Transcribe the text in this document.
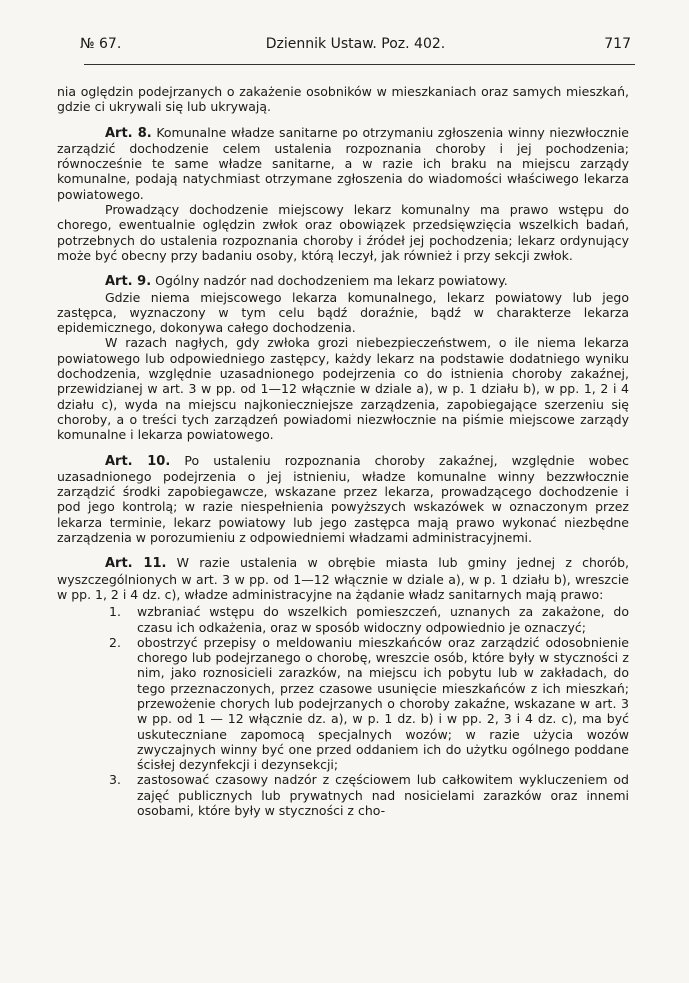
№ 67.	Dziennik Ustaw. Poz. 402.	717

nia oględzin podejrzanych o zakażenie osobników w mieszkaniach oraz samych mieszkań, gdzie ci ukrywali się lub ukrywają.

Art. 8. Komunalne władze sanitarne po otrzymaniu zgłoszenia winny niezwłocznie zarządzić dochodzenie celem ustalenia rozpoznania choroby i jej pochodzenia; równocześnie te same władze sanitarne, a w razie ich braku na miejscu zarządy komunalne, podają natychmiast otrzymane zgłoszenia do wiadomości właściwego lekarza powiatowego.

Prowadzący dochodzenie miejscowy lekarz komunalny ma prawo wstępu do chorego, ewentualnie oględzin zwłok oraz obowiązek przedsięwzięcia wszelkich badań, potrzebnych do ustalenia rozpoznania choroby i źródeł jej pochodzenia; lekarz ordynujący może być obecny przy badaniu osoby, którą leczył, jak również i przy sekcji zwłok.

Art. 9. Ogólny nadzór nad dochodzeniem ma lekarz powiatowy.

Gdzie niema miejscowego lekarza komunalnego, lekarz powiatowy lub jego zastępca, wyznaczony w tym celu bądź doraźnie, bądź w charakterze lekarza epidemicznego, dokonywa całego dochodzenia.

W razach nagłych, gdy zwłoka grozi niebezpieczeństwem, o ile niema lekarza powiatowego lub odpowiedniego zastępcy, każdy lekarz na podstawie dodatniego wyniku dochodzenia, względnie uzasadnionego podejrzenia co do istnienia choroby zakaźnej, przewidzianej w art. 3 w pp. od 1—12 włącznie w dziale a), w p. 1 działu b), w pp. 1, 2 i 4 działu c), wyda na miejscu najkonieczniejsze zarządzenia, zapobiegające szerzeniu się choroby, a o treści tych zarządzeń powiadomi niezwłocznie na piśmie miejscowe zarządy komunalne i lekarza powiatowego.

Art. 10. Po ustaleniu rozpoznania choroby zakaźnej, względnie wobec uzasadnionego podejrzenia o jej istnieniu, władze komunalne winny bezzwłocznie zarządzić środki zapobiegawcze, wskazane przez lekarza, prowadzącego dochodzenie i pod jego kontrolą; w razie niespełnienia powyższych wskazówek w oznaczonym przez lekarza terminie, lekarz powiatowy lub jego zastępca mają prawo wykonać niezbędne zarządzenia w porozumieniu z odpowiedniemi władzami administracyjnemi.

Art. 11. W razie ustalenia w obrębie miasta lub gminy jednej z chorób, wyszczególnionych w art. 3 w pp. od 1—12 włącznie w dziale a), w p. 1 działu b), wreszcie w pp. 1, 2 i 4 dz. c), władze administracyjne na żądanie władz sanitarnych mają prawo:

1. wzbraniać wstępu do wszelkich pomieszczeń, uznanych za zakażone, do czasu ich odkażenia, oraz w sposób widoczny odpowiednio je oznaczyć;
2. obostrzyć przepisy o meldowaniu mieszkańców oraz zarządzić odosobnienie chorego lub podejrzanego o chorobę, wreszcie osób, które były w styczności z nim, jako roznosicieli zarazków, na miejscu ich pobytu lub w zakładach, do tego przeznaczonych, przez czasowe usunięcie mieszkańców z ich mieszkań; przewożenie chorych lub podejrzanych o choroby zakaźne, wskazane w art. 3 w pp. od 1 — 12 włącznie dz. a), w p. 1 dz. b) i w pp. 2, 3 i 4 dz. c), ma być uskuteczniane zapomocą specjalnych wozów; w razie użycia wozów zwyczajnych winny być one przed oddaniem ich do użytku ogólnego poddane ścisłej dezynfekcji i dezynsekcji;
3. zastosować czasowy nadzór z częściowem lub całkowitem wykluczeniem od zajęć publicznych lub prywatnych nad nosicielami zarazków oraz innemi osobami, które były w styczności z cho-
